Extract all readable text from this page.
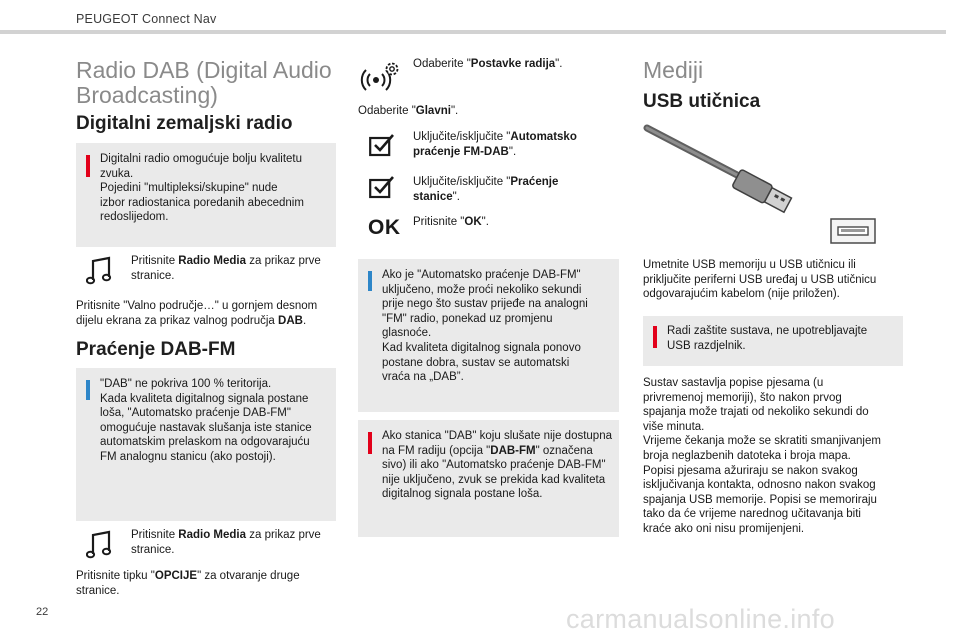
PEUGEOT Connect Nav
Radio DAB (Digital Audio Broadcasting)
Digitalni zemaljski radio
Digitalni radio omogućuje bolju kvalitetu
zvuka.
Pojedini "multipleksi/skupine" nude
izbor radiostanica poredanih abecednim
redoslijedom.
Pritisnite Radio Media za prikaz prve stranice.
Pritisnite "Valno područje…" u gornjem desnom dijelu ekrana za prikaz valnog područja DAB.
Praćenje DAB-FM
"DAB" ne pokriva 100 % teritorija.
Kada kvaliteta digitalnog signala postane
loša, "Automatsko praćenje DAB-FM"
omogućuje nastavak slušanja iste stanice
automatskim prelaskom na odgovarajuću
FM analognu stanicu (ako postoji).
Pritisnite Radio Media za prikaz prve stranice.
Pritisnite tipku "OPCIJE" za otvaranje druge stranice.
Odaberite "Postavke radija".
Odaberite "Glavni".
Uključite/isključite "Automatsko praćenje FM-DAB".
Uključite/isključite "Praćenje stanice".
OK Pritisnite "OK".
Ako je "Automatsko praćenje DAB-FM"
uključeno, može proći nekoliko sekundi
prije nego što sustav prijeđe na analogni
"FM" radio, ponekad uz promjenu
glasnoće.
Kad kvaliteta digitalnog signala ponovo
postane dobra, sustav se automatski
vraća na „DAB”.
Ako stanica "DAB" koju slušate nije dostupna na FM radiju (opcija "DAB-FM" označena sivo) ili ako "Automatsko praćenje DAB-FM" nije uključeno, zvuk se prekida kad kvaliteta digitalnog signala postane loša.
Mediji
USB utičnica
Umetnite USB memoriju u USB utičnicu ili
priključite periferni USB uređaj u USB utičnicu
odgovarajućim kabelom (nije priložen).
Radi zaštite sustava, ne upotrebljavajte
USB razdjelnik.
Sustav sastavlja popise pjesama (u
privremenoj memoriji), što nakon prvog
spajanja može trajati od nekoliko sekundi do
više minuta.
Vrijeme čekanja može se skratiti smanjivanjem
broja neglazbenih datoteka i broja mapa.
Popisi pjesama ažuriraju se nakon svakog
isključivanja kontakta, odnosno nakon svakog
spajanja USB memorije. Popisi se memoriraju
tako da će vrijeme narednog učitavanja biti
kraće ako oni nisu promijenjeni.
22	carmanualsonline.info
